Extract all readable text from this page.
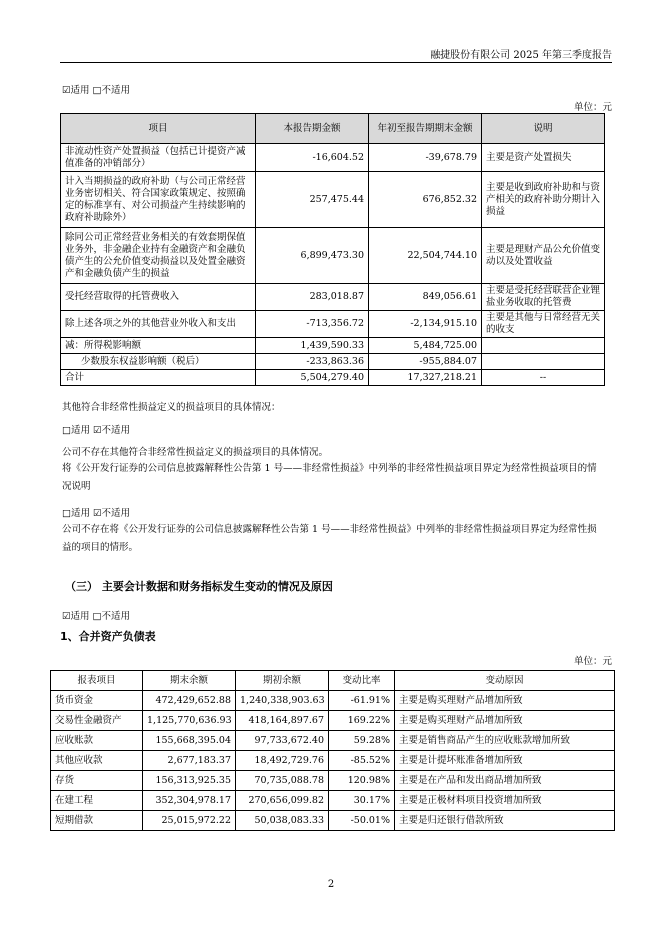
融捷股份有限公司 2025 年第三季度报告
☑适用 □不适用
单位：元
项目	本报告期金额	年初至报告期期末金额	说明
非流动性资产处置损益（包括已计提资产减值准备的冲销部分）	-16,604.52	-39,678.79	主要是资产处置损失
计入当期损益的政府补助（与公司正常经营业务密切相关、符合国家政策规定、按照确定的标准享有、对公司损益产生持续影响的政府补助除外）	257,475.44	676,852.32	主要是收到政府补助和与资产相关的政府补助分期计入损益
除同公司正常经营业务相关的有效套期保值业务外，非金融企业持有金融资产和金融负债产生的公允价值变动损益以及处置金融资产和金融负债产生的损益	6,899,473.30	22,504,744.10	主要是理财产品公允价值变动以及处置收益
受托经营取得的托管费收入	283,018.87	849,056.61	主要是受托经营联营企业锂盐业务收取的托管费
除上述各项之外的其他营业外收入和支出	-713,356.72	-2,134,915.10	主要是其他与日常经营无关的收支
减：所得税影响额	1,439,590.33	5,484,725.00	
少数股东权益影响额（税后）	-233,863.36	-955,884.07	
合计	5,504,279.40	17,327,218.21	--
其他符合非经常性损益定义的损益项目的具体情况：
□适用 ☑不适用
公司不存在其他符合非经常性损益定义的损益项目的具体情况。
将《公开发行证券的公司信息披露解释性公告第 1 号——非经常性损益》中列举的非经常性损益项目界定为经常性损益项目的情况说明
□适用 ☑不适用
公司不存在将《公开发行证券的公司信息披露解释性公告第 1 号——非经常性损益》中列举的非经常性损益项目界定为经常性损益的项目的情形。
（三） 主要会计数据和财务指标发生变动的情况及原因
☑适用 □不适用
1、合并资产负债表
单位：元
报表项目	期末余额	期初余额	变动比率	变动原因
货币资金	472,429,652.88	1,240,338,903.63	-61.91%	主要是购买理财产品增加所致
交易性金融资产	1,125,770,636.93	418,164,897.67	169.22%	主要是购买理财产品增加所致
应收账款	155,668,395.04	97,733,672.40	59.28%	主要是销售商品产生的应收账款增加所致
其他应收款	2,677,183.37	18,492,729.76	-85.52%	主要是计提坏账准备增加所致
存货	156,313,925.35	70,735,088.78	120.98%	主要是在产品和发出商品增加所致
在建工程	352,304,978.17	270,656,099.82	30.17%	主要是正极材料项目投资增加所致
短期借款	25,015,972.22	50,038,083.33	-50.01%	主要是归还银行借款所致
2
